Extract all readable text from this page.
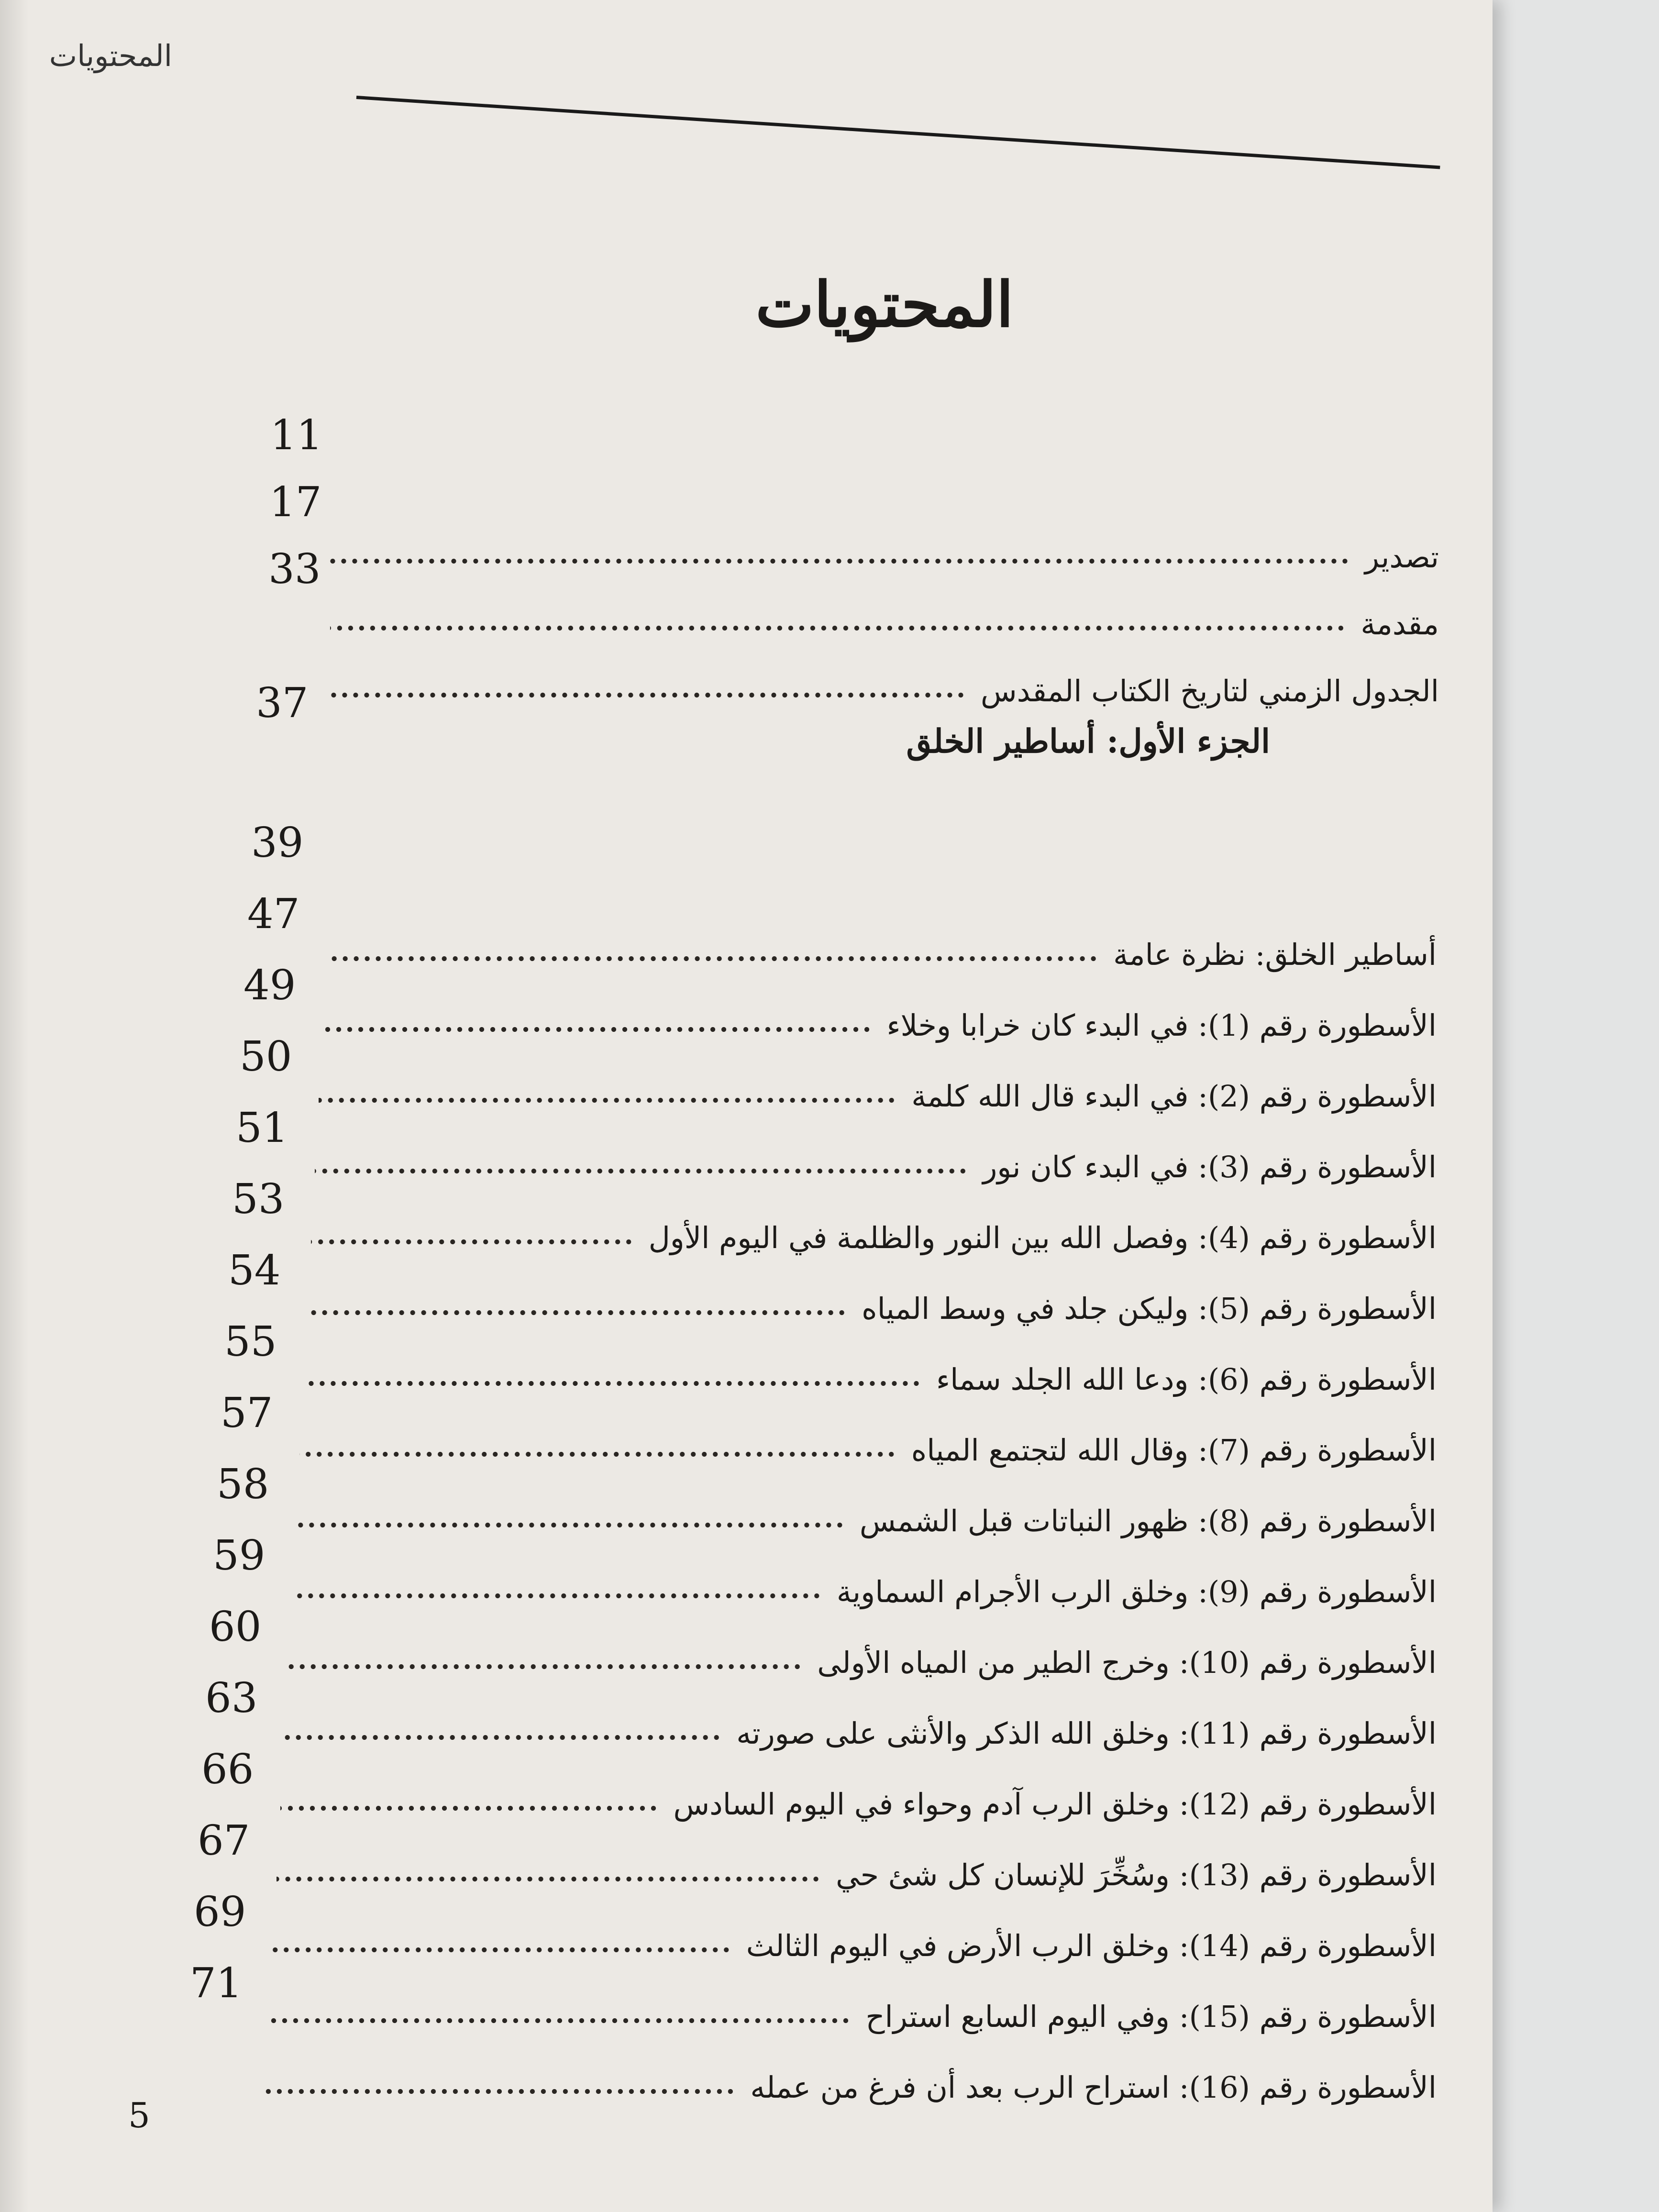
المحتويات
المحتويات
الجزء الأول: أساطير الخلق
37
5
11
17
تصدير
33
مقدمة
الجدول الزمني لتاريخ الكتاب المقدس
39
47
أساطير الخلق: نظرة عامة
49
الأسطورة رقم (1): في البدء كان خرابا وخلاء
50
الأسطورة رقم (2): في البدء قال الله كلمة
51
الأسطورة رقم (3): في البدء كان نور
53
الأسطورة رقم (4): وفصل الله بين النور والظلمة في اليوم الأول
54
الأسطورة رقم (5): وليكن جلد في وسط المياه
55
الأسطورة رقم (6): ودعا الله الجلد سماء
57
الأسطورة رقم (7): وقال الله لتجتمع المياه
58
الأسطورة رقم (8): ظهور النباتات قبل الشمس
59
الأسطورة رقم (9): وخلق الرب الأجرام السماوية
60
الأسطورة رقم (10): وخرج الطير من المياه الأولى
63
الأسطورة رقم (11): وخلق الله الذكر والأنثى على صورته
66
الأسطورة رقم (12): وخلق الرب آدم وحواء في اليوم السادس
67
الأسطورة رقم (13): وسُخِّرَ للإنسان كل شئ حي
69
الأسطورة رقم (14): وخلق الرب الأرض في اليوم الثالث
71
الأسطورة رقم (15): وفي اليوم السابع استراح
الأسطورة رقم (16): استراح الرب بعد أن فرغ من عمله
